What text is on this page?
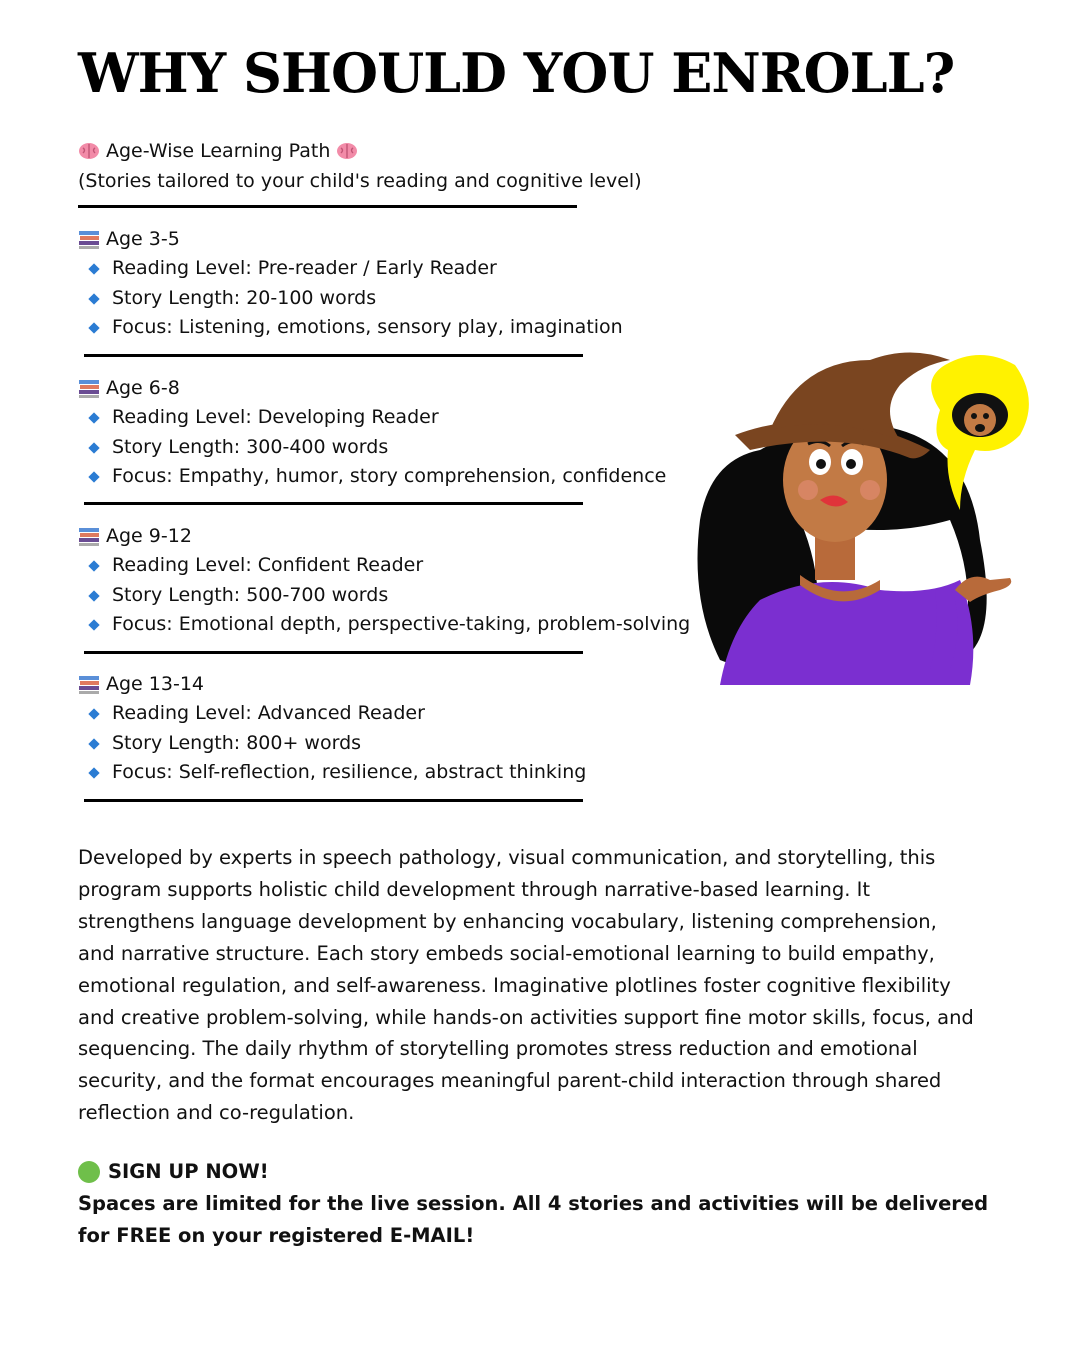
WHY SHOULD YOU ENROLL?
Age-Wise Learning Path
(Stories tailored to your child's reading and cognitive level)
Age 3-5
Reading Level: Pre-reader / Early Reader
Story Length: 20-100 words
Focus: Listening, emotions, sensory play, imagination
Age 6-8
Reading Level: Developing Reader
Story Length: 300-400 words
Focus: Empathy, humor, story comprehension, confidence
Age 9-12
Reading Level: Confident Reader
Story Length: 500-700 words
Focus: Emotional depth, perspective-taking, problem-solving
Age 13-14
Reading Level: Advanced Reader
Story Length: 800+ words
Focus: Self-reflection, resilience, abstract thinking

Developed by experts in speech pathology, visual communication, and storytelling, this program supports holistic child development through narrative-based learning. It strengthens language development by enhancing vocabulary, listening comprehension, and narrative structure. Each story embeds social-emotional learning to build empathy, emotional regulation, and self-awareness. Imaginative plotlines foster cognitive flexibility and creative problem-solving, while hands-on activities support fine motor skills, focus, and sequencing. The daily rhythm of storytelling promotes stress reduction and emotional security, and the format encourages meaningful parent-child interaction through shared reflection and co-regulation.

SIGN UP NOW!
Spaces are limited for the live session. All 4 stories and activities will be delivered for FREE on your registered E-MAIL!
